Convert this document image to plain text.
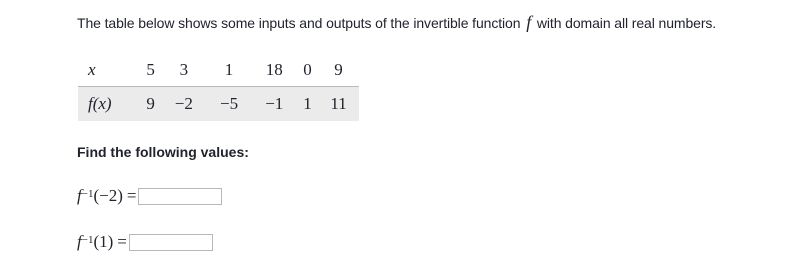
The table below shows some inputs and outputs of the invertible function f with domain all real numbers.
x	5	3	1	18	0	9
f(x)	9	−2	−5	−1	1	11
Find the following values:
$f^{-1}$ (−2) =
$f^{-1}$ (1) =
